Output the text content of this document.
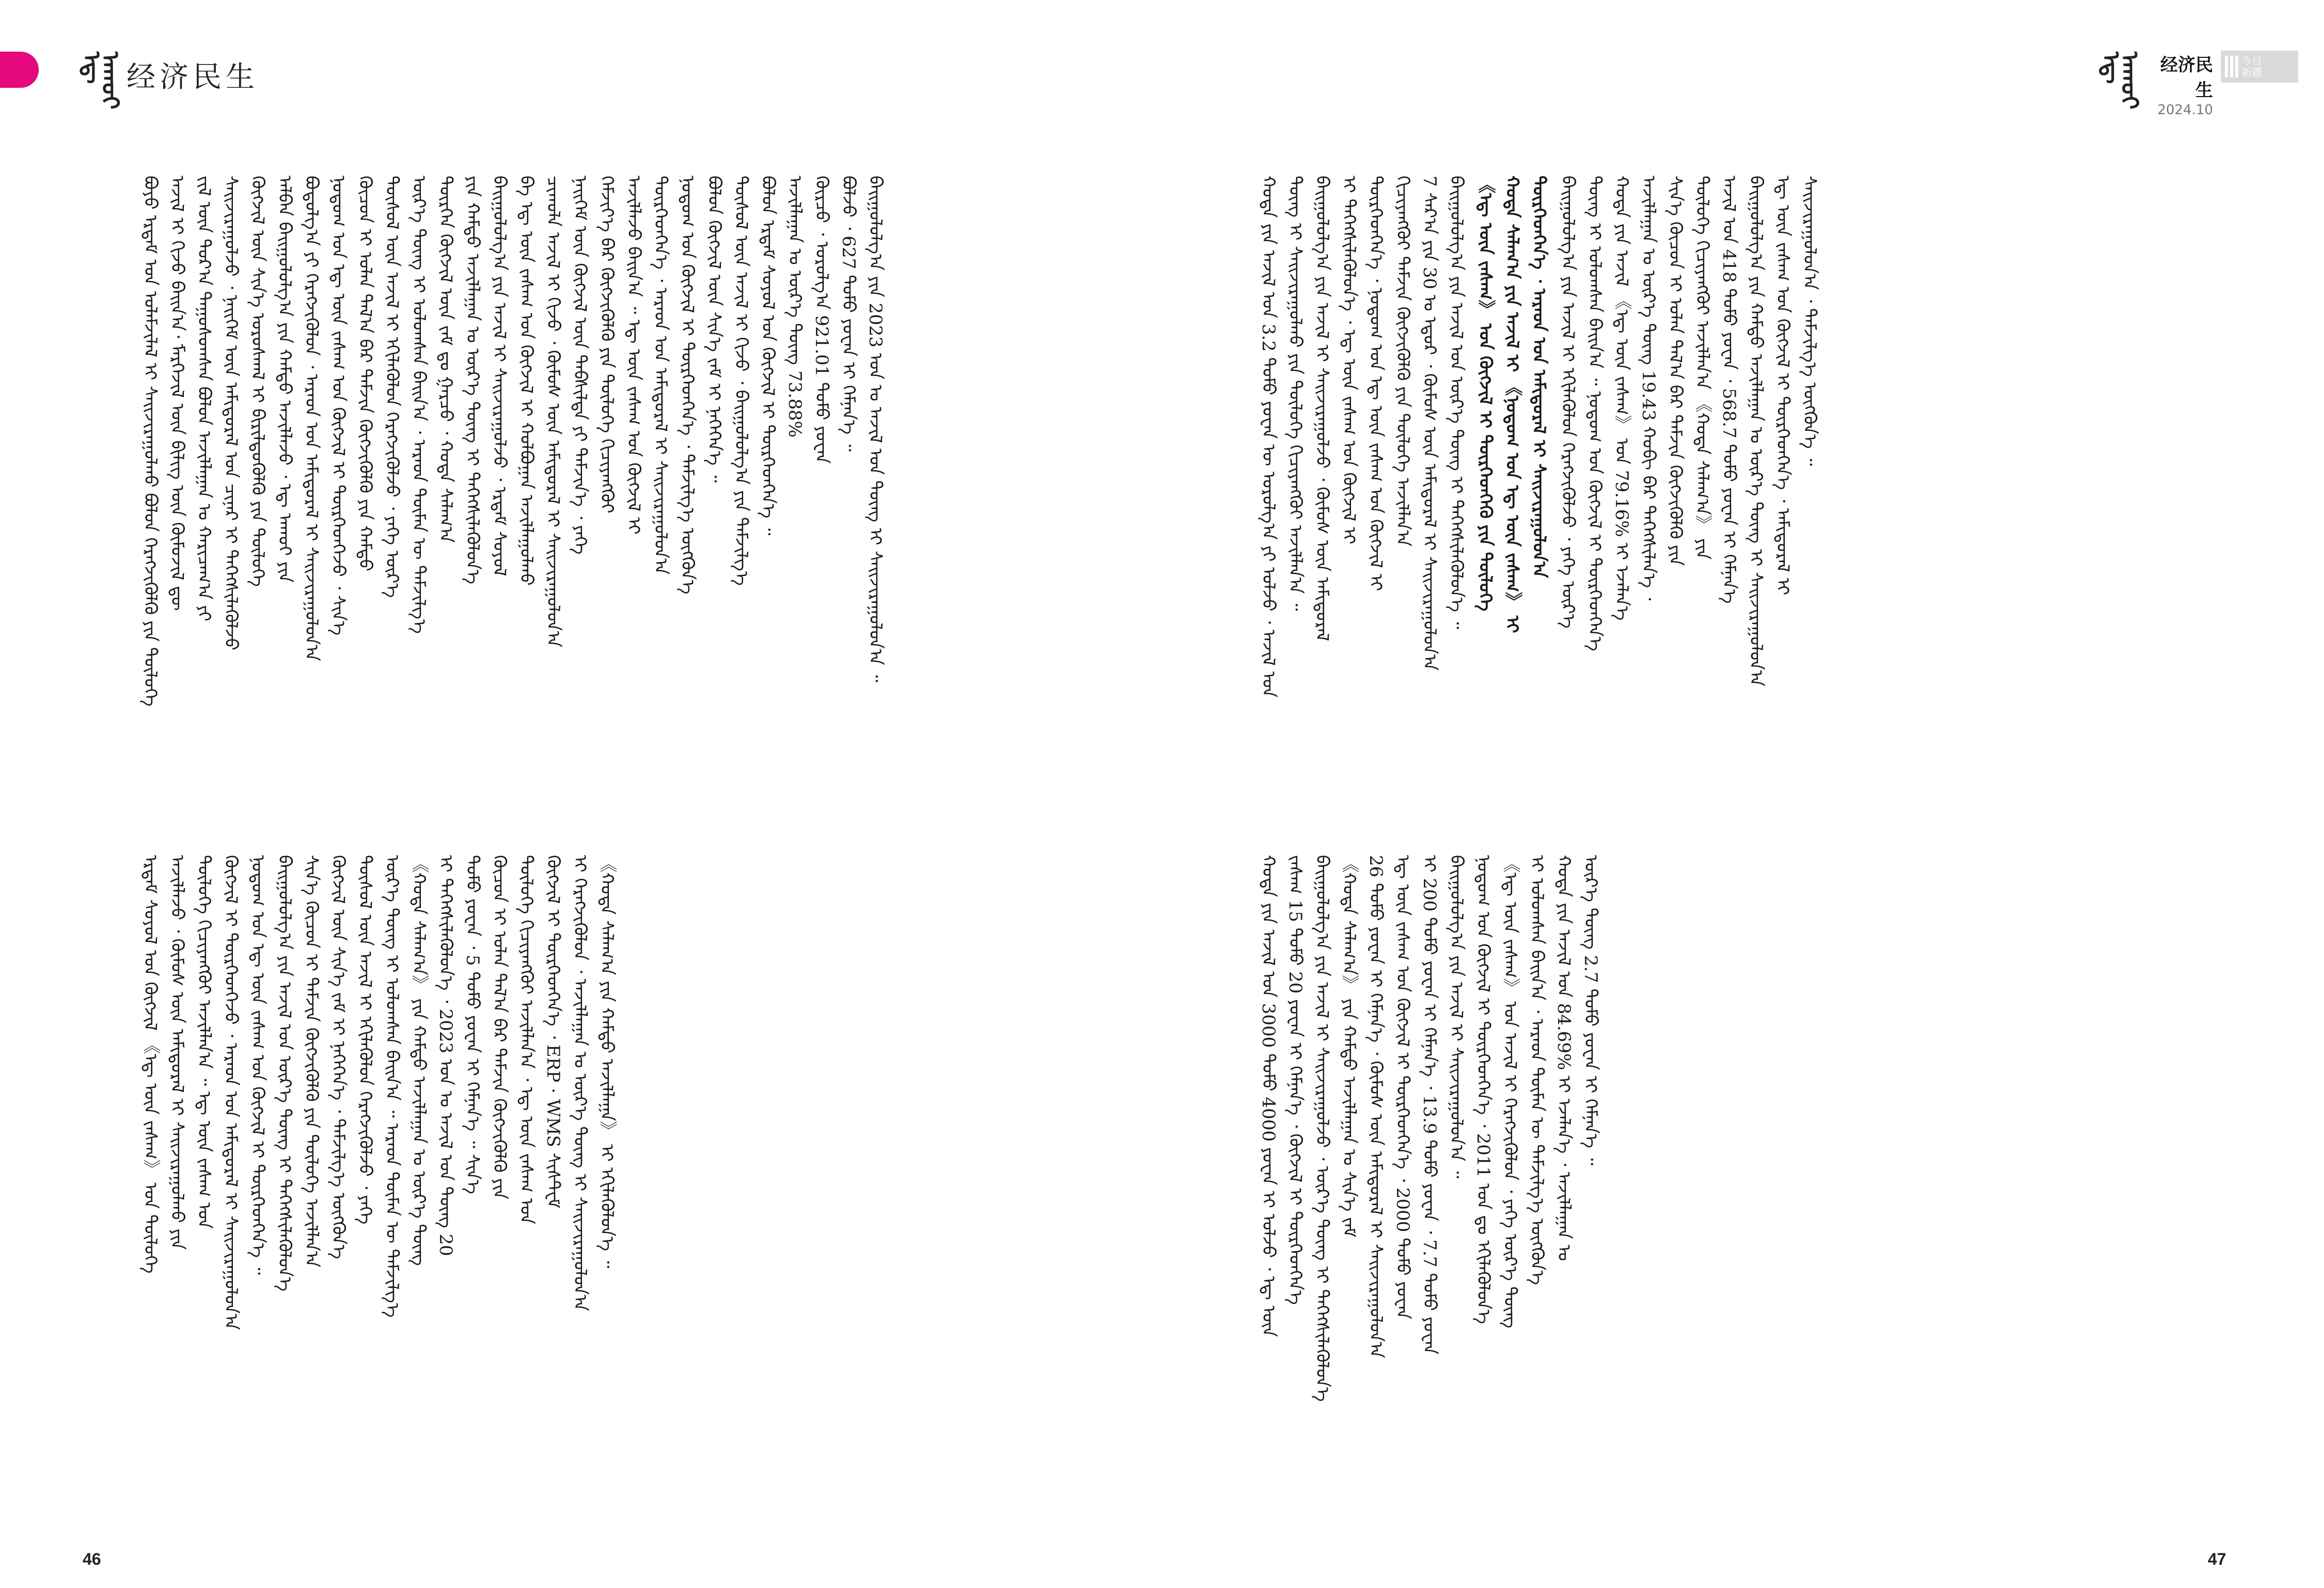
ᠡᠳ᠋ ᠠᠬᠤᠢ 经济民生
ᠪᠤᠶᠤ ᠡᠷᠳᠡᠮ ᠤᠨ ᠤᠯᠠᠮᠵᠢᠯᠠᠯ ᠢ ᠰᠠᠢᠵᠢᠷᠠᠭᠤᠯᠬᠤ ᠪᠤᠯᠤᠨ ᠬᠡᠷᠡᠭᠵᠢᠭᠦᠯᠬᠦ ᠶᠢᠨ ᠲᠥᠯᠥᠭᠡ ᠠᠵᠢᠯ ᠢ ᠬᠢᠵᠦ ᠪᠠᠢᠨ᠎ᠠ᠂ ᠮᠡᠷᠭᠡᠵᠢᠯ ᠦᠨ ᠪᠢᠯᠢᠭ ᠦᠨ ᠬᠦᠮᠦᠵᠢᠯ ᠳᠦ ᠵᠢᠯ ᠦᠨ ᠳᠤᠷ᠎ᠠ ᠳᠠᠭᠤᠰᠤᠭᠰᠠᠨ ᠪᠤᠯᠤᠨ ᠠᠵᠢᠯᠯᠠᠭᠠᠨ ᠤ ᠬᠠᠷᠢᠴᠠᠭ᠎ᠠ ᠶᠢ ᠰᠠᠢᠵᠢᠷᠠᠭᠤᠯᠵᠤ ᠂ ᠨᠡᠢᠭᠡᠮ ᠦᠨ ᠠᠮᠢᠳᠤᠷᠠᠯ ᠤᠨ ᠴᠢᠨᠠᠷ ᠢ ᠳᠡᠭᠡᠭᠰᠢᠯᠡᠭᠦᠯᠵᠦ ᠬᠥᠭᠵᠢᠯ ᠦᠨ ᠰᠢᠨ᠎ᠡ ᠤᠷᠤᠰᠬᠠᠯ ᠢ ᠪᠢᠷᠢᠯᠳᠦᠭᠦᠯᠬᠦ ᠶᠢᠨ ᠲᠥᠯᠥᠭᠡ ᠠᠯᠪᠠᠨ ᠪᠠᠢᠭᠤᠯᠤᠯᠭ᠎ᠠ ᠶᠢᠨ ᠬᠠᠮᠲᠤ ᠠᠵᠢᠯᠯᠠᠵᠤ ᠂ ᠡᠳ᠋ ᠠᠬᠤᠢ ᠶᠢᠨ ᠪᠤᠳᠤᠯᠭ᠎ᠠ ᠶᠢ ᠬᠡᠷᠡᠭᠵᠢᠭᠦᠯᠦᠨ ᠂ ᠠᠷᠠᠳ ᠤᠨ ᠠᠮᠢᠳᠤᠷᠠᠯ ᠢ ᠰᠠᠢᠵᠢᠷᠠᠭᠤᠯᠤᠨ᠎ᠠ ᠨᠤᠲᠤᠭ ᠤᠨ ᠡᠳ᠋ ᠦᠨ ᠵᠠᠰᠠᠭ ᠤᠨ ᠬᠥᠭᠵᠢᠯ ᠢ ᠲᠦᠷᠭᠡᠳᠭᠡᠵᠦ ᠂ ᠰᠢᠨ᠎ᠡ ᠬᠦᠴᠦᠨ ᠢ ᠣᠯᠠᠨ ᠲᠠᠯ᠎ᠠ ᠪᠠᠷ ᠳᠡᠮᠵᠢᠨ ᠬᠥᠭᠵᠢᠭᠦᠯᠬᠦ ᠶᠢᠨ ᠬᠠᠮᠲᠤ ᠲᠥᠰᠥᠯ ᠦᠨ ᠠᠵᠢᠯ ᠢ ᠡᠬᠢᠯᠡᠭᠦᠯᠦᠨ ᠬᠡᠷᠡᠭᠵᠢᠭᠦᠯᠵᠦ ᠂ ᠶᠡᠬᠡ ᠦᠷ᠎ᠡ ᠦᠷ᠎ᠡ ᠳᠦᠩ ᠢ ᠣᠯᠤᠭᠰᠠᠨ ᠪᠠᠢᠨ᠎ᠠ ᠂ ᠠᠷᠠᠳ ᠲᠦᠮᠡᠨ ᠦ ᠳᠡᠮᠵᠢᠯᠭ᠎ᠡ ᠲᠦᠷᠭᠡᠨ ᠬᠥᠭᠵᠢᠯ ᠦᠨ ᠵᠠᠮ ᠳᠤ ᠭᠠᠷᠴᠤ ᠂ ᠬᠣᠲᠠ ᠰᠠᠯᠠᠭ᠎ᠠ ᠶᠢᠨ ᠬᠠᠮᠲᠤ ᠠᠵᠢᠯᠯᠠᠭᠠᠨ ᠤ ᠦᠷ᠎ᠡ ᠳᠦᠩ ᠢ ᠳᠡᠭᠡᠭᠰᠢᠯᠡᠭᠦᠯᠦᠨ᠎ᠡ ᠪᠠᠢᠭᠤᠯᠤᠯᠭ᠎ᠠ ᠶᠢᠨ ᠠᠵᠢᠯ ᠢ ᠰᠠᠢᠵᠢᠷᠠᠭᠤᠯᠵᠤ ᠂ ᠡᠷᠳᠡᠮ ᠰᠣᠶᠤᠯ ᠪᠠ ᠡᠳ᠋ ᠦᠨ ᠵᠠᠰᠠᠭ ᠤᠨ ᠬᠥᠭᠵᠢᠯ ᠢ ᠬᠣᠯᠪᠤᠭᠠᠨ ᠠᠵᠢᠯᠯᠠᠭᠤᠯᠬᠤ ᠴᠢᠬᠤᠯᠠ ᠠᠵᠢᠯ ᠢ ᠬᠢᠵᠦ ᠂ ᠬᠦᠮᠦᠰ ᠦᠨ ᠠᠮᠢᠳᠤᠷᠠᠯ ᠢ ᠰᠠᠢᠵᠢᠷᠠᠭᠤᠯᠤᠨ᠎ᠠ ᠨᠡᠢᠭᠡᠮ ᠦᠨ ᠬᠥᠭᠵᠢᠯ ᠦᠨ ᠳᠡᠪᠰᠢᠯᠲᠡ ᠶᠢ ᠳᠡᠮᠵᠢᠨ᠎ᠡ ᠂ ᠶᠡᠬᠡ ᠬᠡᠮᠵᠢᠶ᠎ᠡ ᠪᠡᠷ ᠬᠥᠭᠵᠢᠭᠦᠯᠬᠦ ᠶᠢᠨ ᠲᠥᠯᠥᠭᠡ ᠬᠢᠴᠢᠶᠡᠩᠭᠦᠢ ᠠᠵᠢᠯᠯᠠᠵᠤ ᠪᠠᠢᠨ᠎ᠠ ᠃ ᠡᠳ᠋ ᠦᠨ ᠵᠠᠰᠠᠭ ᠤᠨ ᠬᠥᠭᠵᠢᠯ ᠢ ᠲᠦᠷᠭᠡᠳᠭᠡᠨ᠎ᠡ ᠂ ᠠᠷᠠᠳ ᠤᠨ ᠠᠮᠢᠳᠤᠷᠠᠯ ᠢ ᠰᠠᠢᠵᠢᠷᠠᠭᠤᠯᠤᠨ᠎ᠠ ᠨᠤᠲᠤᠭ ᠤᠨ ᠬᠥᠭᠵᠢᠯ ᠢ ᠲᠦᠷᠭᠡᠳᠭᠡᠨ᠎ᠡ ᠂ ᠳᠡᠮᠵᠢᠯᠭ᠎ᠡ ᠥᠭᠭᠦᠨ᠎ᠡ ᠪᠣᠯᠤᠨ ᠬᠥᠭᠵᠢᠯ ᠦᠨ ᠰᠢᠨ᠎ᠡ ᠵᠠᠮ ᠢ ᠨᠡᠭᠡᠭᠡᠨ᠎ᠡ ᠃ ᠲᠥᠰᠥᠯ ᠦᠨ ᠠᠵᠢᠯ ᠢ ᠬᠢᠵᠦ ᠂ ᠪᠠᠢᠭᠤᠯᠤᠯᠭ᠎ᠠ ᠶᠢᠨ ᠳᠡᠮᠵᠢᠯᠭ᠎ᠡ ᠪᠣᠯᠤᠨ ᠡᠷᠳᠡᠮ ᠰᠣᠶᠤᠯ ᠤᠨ ᠬᠥᠭᠵᠢᠯ ᠢ ᠲᠦᠷᠭᠡᠳᠭᠡᠨ᠎ᠡ ᠃ ᠠᠵᠢᠯᠯᠠᠭᠠᠨ ᠤ ᠦᠷ᠎ᠡ ᠳᠦᠩ 73.88% ᠬᠦᠷᠴᠦ ᠂ ᠣᠷᠣᠯᠭ᠎ᠠ 921.01 ᠲᠤᠮᠤ ᠶᠤᠸᠠᠨ ᠪᠣᠯᠵᠤ ᠂ 627 ᠲᠤᠮᠤ ᠶᠤᠸᠠᠨ ᠢ ᠬᠡᠮᠨᠡᠨ᠎ᠡ ᠃ ᠪᠠᠢᠭᠤᠯᠤᠯᠭ᠎ᠠ ᠶᠢᠨ 2023 ᠣᠨ ᠤ ᠠᠵᠢᠯ ᠤᠨ ᠳᠦᠩ ᠢ ᠰᠠᠢᠵᠢᠷᠠᠭᠤᠯᠤᠨ᠎ᠠ ᠃
ᠡᠷᠳᠡᠮ ᠰᠣᠶᠤᠯ ᠤᠨ ᠬᠥᠭᠵᠢᠯ 《ᠡᠳ᠋ ᠦᠨ ᠵᠠᠰᠠᠭ》 ᠤᠨ ᠲᠥᠯᠥᠭᠡ ᠠᠵᠢᠯᠯᠠᠵᠤ ᠂ ᠬᠦᠮᠦᠰ ᠦᠨ ᠠᠮᠢᠳᠤᠷᠠᠯ ᠢ ᠰᠠᠢᠵᠢᠷᠠᠭᠤᠯᠬᠤ ᠶᠢᠨ ᠲᠥᠯᠥᠭᠡ ᠬᠢᠴᠢᠶᠡᠩᠭᠦᠢ ᠠᠵᠢᠯᠯᠠᠨ᠎ᠠ ᠃ ᠡᠳ᠋ ᠦᠨ ᠵᠠᠰᠠᠭ ᠤᠨ ᠬᠥᠭᠵᠢᠯ ᠢ ᠲᠦᠷᠭᠡᠳᠭᠡᠵᠦ ᠂ ᠠᠷᠠᠳ ᠤᠨ ᠠᠮᠢᠳᠤᠷᠠᠯ ᠢ ᠰᠠᠢᠵᠢᠷᠠᠭᠤᠯᠤᠨ᠎ᠠ ᠨᠤᠲᠤᠭ ᠤᠨ ᠡᠳ᠋ ᠦᠨ ᠵᠠᠰᠠᠭ ᠤᠨ ᠬᠥᠭᠵᠢᠯ ᠢ ᠲᠦᠷᠭᠡᠳᠭᠡᠨ᠎ᠡ ᠃ ᠪᠠᠢᠭᠤᠯᠤᠯᠭ᠎ᠠ ᠶᠢᠨ ᠠᠵᠢᠯ ᠤᠨ ᠦᠷ᠎ᠡ ᠳᠦᠩ ᠢ ᠳᠡᠭᠡᠭᠰᠢᠯᠡᠭᠦᠯᠦᠨ᠎ᠡ ᠰᠢᠨ᠎ᠡ ᠬᠦᠴᠦᠨ ᠢ ᠳᠡᠮᠵᠢᠨ ᠬᠥᠭᠵᠢᠭᠦᠯᠬᠦ ᠶᠢᠨ ᠲᠥᠯᠥᠭᠡ ᠠᠵᠢᠯᠯᠠᠨ᠎ᠠ ᠬᠥᠭᠵᠢᠯ ᠦᠨ ᠰᠢᠨ᠎ᠡ ᠵᠠᠮ ᠢ ᠨᠡᠭᠡᠭᠡᠨ᠎ᠡ ᠂ ᠳᠡᠮᠵᠢᠯᠭ᠎ᠡ ᠥᠭᠭᠦᠨ᠎ᠡ ᠲᠥᠰᠥᠯ ᠦᠨ ᠠᠵᠢᠯ ᠢ ᠡᠬᠢᠯᠡᠭᠦᠯᠦᠨ ᠬᠡᠷᠡᠭᠵᠢᠭᠦᠯᠵᠦ ᠂ ᠶᠡᠬᠡ ᠦᠷ᠎ᠡ ᠳᠦᠩ ᠢ ᠣᠯᠤᠭᠰᠠᠨ ᠪᠠᠢᠨ᠎ᠠ ᠃ ᠠᠷᠠᠳ ᠲᠦᠮᠡᠨ ᠦ ᠳᠡᠮᠵᠢᠯᠭ᠎ᠡ 《ᠬᠣᠲᠠ ᠰᠠᠯᠠᠭ᠎ᠠ》 ᠶᠢᠨ ᠬᠠᠮᠲᠤ ᠠᠵᠢᠯᠯᠠᠭᠠᠨ ᠤ ᠦᠷ᠎ᠡ ᠳᠦᠩ ᠢ ᠳᠡᠭᠡᠭᠰᠢᠯᠡᠭᠦᠯᠦᠨ᠎ᠡ ᠂ 2023 ᠣᠨ ᠤ ᠠᠵᠢᠯ ᠤᠨ ᠳᠦᠩ 20 ᠲᠤᠮᠤ ᠶᠤᠸᠠᠨ ᠂ 5 ᠲᠤᠮᠤ ᠶᠤᠸᠠᠨ ᠢ ᠬᠡᠮᠨᠡᠨ᠎ᠡ ᠃ ᠰᠢᠨ᠎ᠡ ᠬᠦᠴᠦᠨ ᠢ ᠣᠯᠠᠨ ᠲᠠᠯ᠎ᠠ ᠪᠠᠷ ᠳᠡᠮᠵᠢᠨ ᠬᠥᠭᠵᠢᠭᠦᠯᠬᠦ ᠶᠢᠨ ᠲᠥᠯᠥᠭᠡ ᠬᠢᠴᠢᠶᠡᠩᠭᠦᠢ ᠠᠵᠢᠯᠯᠠᠨ᠎ᠠ ᠂ ᠡᠳ᠋ ᠦᠨ ᠵᠠᠰᠠᠭ ᠤᠨ ᠬᠥᠭᠵᠢᠯ ᠢ ᠲᠦᠷᠭᠡᠳᠭᠡᠨ᠎ᠡ ᠂ ERP · WMS ᠰᠢᠰᠲ᠋ᠧᠮ ᠢ ᠬᠡᠷᠡᠭᠵᠢᠭᠦᠯᠦᠨ ᠂ ᠠᠵᠢᠯᠯᠠᠭᠠᠨ ᠤ ᠦᠷ᠎ᠡ ᠳᠦᠩ ᠢ ᠰᠠᠢᠵᠢᠷᠠᠭᠤᠯᠤᠨ᠎ᠠ 《ᠬᠣᠲᠠ ᠰᠠᠯᠠᠭ᠎ᠠ ᠶᠢᠨ ᠬᠠᠮᠲᠤ ᠠᠵᠢᠯᠯᠠᠭᠠ》 ᠢ ᠡᠬᠢᠯᠡᠭᠦᠯᠦᠨ᠎ᠡ ᠃
46
ᠡᠳ᠋ ᠠᠬᠤᠢ 经济民生
2024.10
今日
新疆
ᠬᠤᠲᠠ ᠶᠢᠨ ᠠᠵᠢᠯ ᠤᠨ 3.2 ᠲᠤᠮᠤ ᠶᠤᠸᠠᠨ ᠦ ᠣᠷᠣᠯᠭ᠎ᠠ ᠶᠢ ᠣᠯᠵᠤ ᠂ ᠠᠵᠢᠯ ᠤᠨ ᠳᠦᠩ ᠢ ᠰᠠᠢᠵᠢᠷᠠᠭᠤᠯᠬᠤ ᠶᠢᠨ ᠲᠥᠯᠥᠭᠡ ᠬᠢᠴᠢᠶᠡᠩᠭᠦᠢ ᠠᠵᠢᠯᠯᠠᠨ᠎ᠠ ᠃ ᠪᠠᠢᠭᠤᠯᠤᠯᠭ᠎ᠠ ᠶᠢᠨ ᠠᠵᠢᠯ ᠢ ᠰᠠᠢᠵᠢᠷᠠᠭᠤᠯᠵᠤ ᠂ ᠬᠦᠮᠦᠰ ᠦᠨ ᠠᠮᠢᠳᠤᠷᠠᠯ ᠢ ᠳᠡᠭᠡᠭᠰᠢᠯᠡᠭᠦᠯᠦᠨ᠎ᠡ ᠂ ᠡᠳ᠋ ᠦᠨ ᠵᠠᠰᠠᠭ ᠤᠨ ᠬᠥᠭᠵᠢᠯ ᠢ ᠲᠦᠷᠭᠡᠳᠭᠡᠨ᠎ᠡ ᠂ ᠨᠤᠲᠤᠭ ᠤᠨ ᠡᠳ᠋ ᠦᠨ ᠵᠠᠰᠠᠭ ᠤᠨ ᠬᠥᠭᠵᠢᠯ ᠢ ᠬᠢᠴᠢᠶᠡᠩᠭᠦᠢ ᠳᠡᠮᠵᠢᠨ ᠬᠥᠭᠵᠢᠭᠦᠯᠬᠦ ᠶᠢᠨ ᠲᠥᠯᠥᠭᠡ ᠠᠵᠢᠯᠯᠠᠨ᠎ᠠ 7 ᠰᠠᠷ᠎ᠠ ᠶᠢᠨ 30 ᠤ ᠡᠳᠦᠷ ᠂ ᠬᠦᠮᠦᠰ ᠦᠨ ᠠᠮᠢᠳᠤᠷᠠᠯ ᠢ ᠰᠠᠢᠵᠢᠷᠠᠭᠤᠯᠤᠨ᠎ᠠ ᠪᠠᠢᠭᠤᠯᠤᠯᠭ᠎ᠠ ᠶᠢᠨ ᠠᠵᠢᠯ ᠤᠨ ᠦᠷ᠎ᠡ ᠳᠦᠩ ᠢ ᠳᠡᠭᠡᠭᠰᠢᠯᠡᠭᠦᠯᠦᠨ᠎ᠡ ᠃ 《ᠡᠳ᠋ ᠦᠨ ᠵᠠᠰᠠᠭ》 ᠤᠨ ᠬᠥᠭᠵᠢᠯ ᠢ ᠲᠦᠷᠭᠡᠳᠭᠡᠬᠦ ᠶᠢᠨ ᠲᠥᠯᠥᠭᠡ ᠬᠤᠲᠠ ᠰᠠᠯᠠᠭ᠎ᠠ ᠶᠢᠨ ᠠᠵᠢᠯ ᠢ 《ᠨᠤᠲᠤᠭ ᠤᠨ ᠡᠳ᠋ ᠦᠨ ᠵᠠᠰᠠᠭ》 ᠢ ᠲᠦᠷᠭᠡᠳᠭᠡᠨ᠎ᠡ ᠂ ᠠᠷᠠᠳ ᠤᠨ ᠠᠮᠢᠳᠤᠷᠠᠯ ᠢ ᠰᠠᠢᠵᠢᠷᠠᠭᠤᠯᠤᠨ᠎ᠠ ᠪᠠᠢᠭᠤᠯᠤᠯᠭ᠎ᠠ ᠶᠢᠨ ᠠᠵᠢᠯ ᠢ ᠡᠬᠢᠯᠡᠭᠦᠯᠦᠨ ᠬᠡᠷᠡᠭᠵᠢᠭᠦᠯᠵᠦ ᠂ ᠶᠡᠬᠡ ᠦᠷ᠎ᠡ ᠳᠦᠩ ᠢ ᠣᠯᠤᠭᠰᠠᠨ ᠪᠠᠢᠨ᠎ᠠ ᠃ ᠨᠤᠲᠤᠭ ᠤᠨ ᠬᠥᠭᠵᠢᠯ ᠢ ᠲᠦᠷᠭᠡᠳᠭᠡᠨ᠎ᠡ ᠬᠤᠲᠠ ᠶᠢᠨ ᠠᠵᠢᠯ 《ᠡᠳ᠋ ᠦᠨ ᠵᠠᠰᠠᠭ》 ᠤᠨ 79.16% ᠢ ᠡᠵᠡᠯᠡᠨ᠎ᠡ ᠠᠵᠢᠯᠯᠠᠭᠠᠨ ᠤ ᠦᠷ᠎ᠡ ᠳᠦᠩ 19.43 ᠬᠤᠪᠢ ᠪᠠᠷ ᠳᠡᠭᠡᠭᠰᠢᠯᠡᠨ᠎ᠡ ᠂ ᠰᠢᠨ᠎ᠡ ᠬᠦᠴᠦᠨ ᠢ ᠣᠯᠠᠨ ᠲᠠᠯ᠎ᠠ ᠪᠠᠷ ᠳᠡᠮᠵᠢᠨ ᠬᠥᠭᠵᠢᠭᠦᠯᠬᠦ ᠶᠢᠨ ᠲᠥᠯᠥᠭᠡ ᠬᠢᠴᠢᠶᠡᠩᠭᠦᠢ ᠠᠵᠢᠯᠯᠠᠨ᠎ᠠ 《ᠬᠣᠲᠠ ᠰᠠᠯᠠᠭ᠎ᠠ》 ᠶᠢᠨ ᠠᠵᠢᠯ ᠤᠨ 418 ᠲᠤᠮᠤ ᠶᠤᠸᠠᠨ ᠂ 568.7 ᠲᠤᠮᠤ ᠶᠤᠸᠠᠨ ᠢ ᠬᠡᠮᠨᠡᠨ᠎ᠡ ᠪᠠᠢᠭᠤᠯᠤᠯᠭ᠎ᠠ ᠶᠢᠨ ᠬᠠᠮᠲᠤ ᠠᠵᠢᠯᠯᠠᠭᠠᠨ ᠤ ᠦᠷ᠎ᠡ ᠳᠦᠩ ᠢ ᠰᠠᠢᠵᠢᠷᠠᠭᠤᠯᠤᠨ᠎ᠠ ᠡᠳ᠋ ᠦᠨ ᠵᠠᠰᠠᠭ ᠤᠨ ᠬᠥᠭᠵᠢᠯ ᠢ ᠲᠦᠷᠭᠡᠳᠭᠡᠨ᠎ᠡ ᠂ ᠠᠮᠢᠳᠤᠷᠠᠯ ᠢ ᠰᠠᠢᠵᠢᠷᠠᠭᠤᠯᠤᠨ᠎ᠠ ᠂ ᠳᠡᠮᠵᠢᠯᠭ᠎ᠡ ᠥᠭᠭᠦᠨ᠎ᠡ ᠃
ᠬᠤᠲᠠ ᠶᠢᠨ ᠠᠵᠢᠯ ᠤᠨ 3000 ᠲᠤᠮᠤ 4000 ᠶᠤᠸᠠᠨ ᠢ ᠣᠯᠵᠤ ᠂ ᠡᠳ᠋ ᠦᠨ ᠵᠠᠰᠠᠭ 15 ᠲᠤᠮᠤ 20 ᠶᠤᠸᠠᠨ ᠢ ᠬᠡᠮᠨᠡᠨ᠎ᠡ ᠂ ᠬᠥᠭᠵᠢᠯ ᠢ ᠲᠦᠷᠭᠡᠳᠭᠡᠨ᠎ᠡ ᠪᠠᠢᠭᠤᠯᠤᠯᠭ᠎ᠠ ᠶᠢᠨ ᠠᠵᠢᠯ ᠢ ᠰᠠᠢᠵᠢᠷᠠᠭᠤᠯᠵᠤ ᠂ ᠦᠷ᠎ᠡ ᠳᠦᠩ ᠢ ᠳᠡᠭᠡᠭᠰᠢᠯᠡᠭᠦᠯᠦᠨ᠎ᠡ 《ᠬᠣᠲᠠ ᠰᠠᠯᠠᠭ᠎ᠠ》 ᠶᠢᠨ ᠬᠠᠮᠲᠤ ᠠᠵᠢᠯᠯᠠᠭᠠᠨ ᠤ ᠰᠢᠨ᠎ᠡ ᠵᠠᠮ 26 ᠲᠤᠮᠤ ᠶᠤᠸᠠᠨ ᠢ ᠬᠡᠮᠨᠡᠨ᠎ᠡ ᠂ ᠬᠦᠮᠦᠰ ᠦᠨ ᠠᠮᠢᠳᠤᠷᠠᠯ ᠢ ᠰᠠᠢᠵᠢᠷᠠᠭᠤᠯᠤᠨ᠎ᠠ ᠡᠳ᠋ ᠦᠨ ᠵᠠᠰᠠᠭ ᠤᠨ ᠬᠥᠭᠵᠢᠯ ᠢ ᠲᠦᠷᠭᠡᠳᠭᠡᠨ᠎ᠡ ᠂ 2000 ᠲᠤᠮᠤ ᠶᠤᠸᠠᠨ ᠢ 200 ᠲᠤᠮᠤ ᠶᠤᠸᠠᠨ ᠢ ᠬᠡᠮᠨᠡᠨ᠎ᠡ ᠂ 13.9 ᠲᠤᠮᠤ ᠶᠤᠸᠠᠨ ᠂ 7.7 ᠲᠤᠮᠤ ᠶᠤᠸᠠᠨ ᠪᠠᠢᠭᠤᠯᠤᠯᠭ᠎ᠠ ᠶᠢᠨ ᠠᠵᠢᠯ ᠢ ᠰᠠᠢᠵᠢᠷᠠᠭᠤᠯᠤᠨ᠎ᠠ ᠃ ᠨᠤᠲᠤᠭ ᠤᠨ ᠬᠥᠭᠵᠢᠯ ᠢ ᠲᠦᠷᠭᠡᠳᠭᠡᠨ᠎ᠡ ᠂ 2011 ᠣᠨ ᠳᠤ ᠡᠬᠢᠯᠡᠭᠦᠯᠦᠨ᠎ᠡ 《ᠡᠳ᠋ ᠦᠨ ᠵᠠᠰᠠᠭ》 ᠤᠨ ᠠᠵᠢᠯ ᠢ ᠬᠡᠷᠡᠭᠵᠢᠭᠦᠯᠦᠨ ᠂ ᠶᠡᠬᠡ ᠦᠷ᠎ᠡ ᠳᠦᠩ ᠢ ᠣᠯᠤᠭᠰᠠᠨ ᠪᠠᠢᠨ᠎ᠠ ᠂ ᠠᠷᠠᠳ ᠲᠦᠮᠡᠨ ᠦ ᠳᠡᠮᠵᠢᠯᠭ᠎ᠡ ᠥᠭᠭᠦᠨ᠎ᠡ ᠬᠤᠲᠠ ᠶᠢᠨ ᠠᠵᠢᠯ ᠤᠨ 84.69% ᠢ ᠡᠵᠡᠯᠡᠨ᠎ᠡ ᠂ ᠠᠵᠢᠯᠯᠠᠭᠠᠨ ᠤ ᠦᠷ᠎ᠡ ᠳᠦᠩ 2.7 ᠲᠤᠮᠤ ᠶᠤᠸᠠᠨ ᠢ ᠬᠡᠮᠨᠡᠨ᠎ᠡ ᠃
47
